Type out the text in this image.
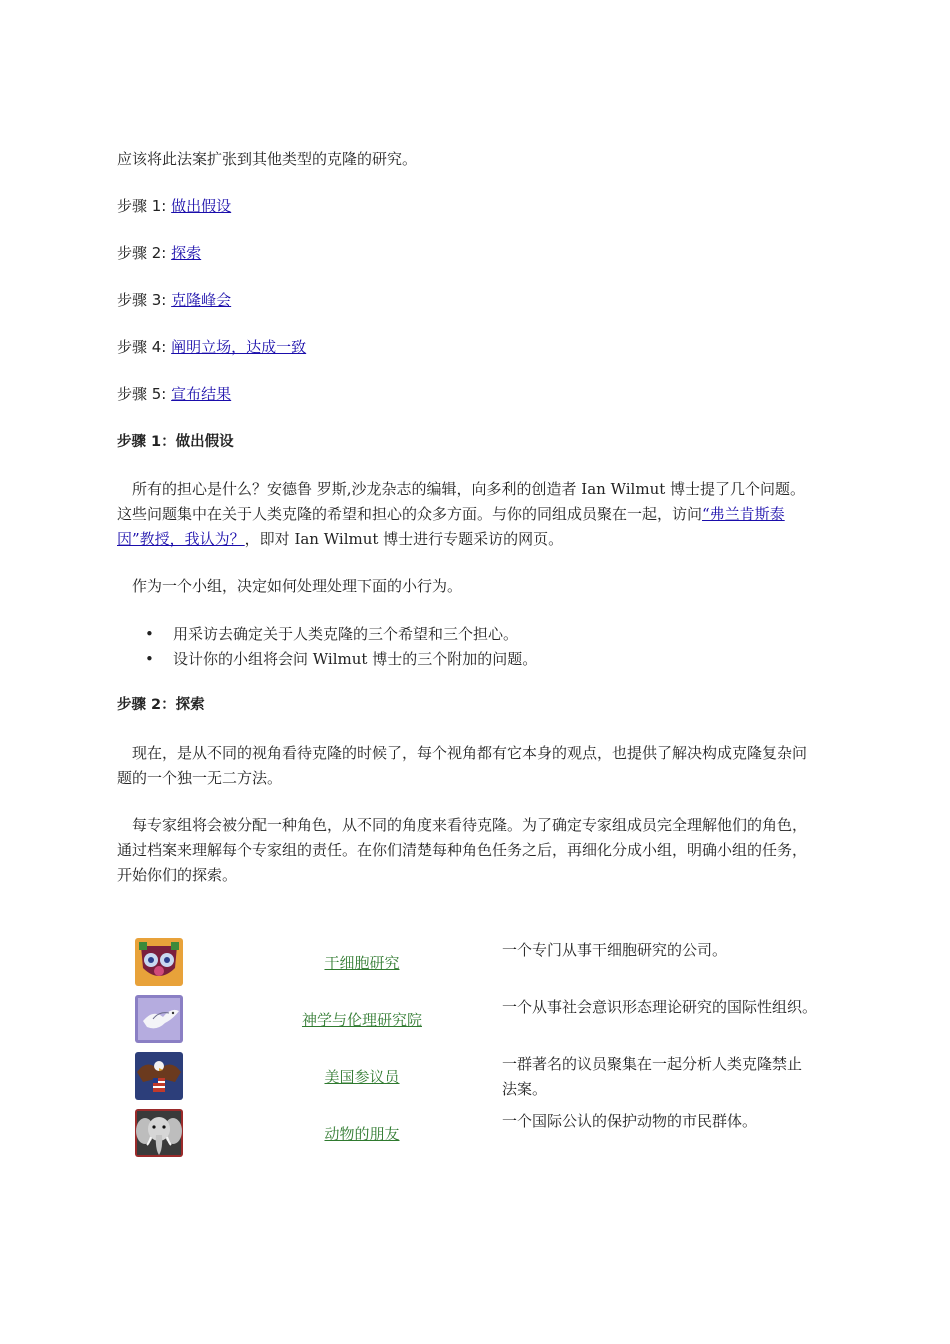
应该将此法案扩张到其他类型的克隆的研究。

步骤 1: 做出假设

步骤 2: 探索

步骤 3: 克隆峰会

步骤 4: 阐明立场，达成一致

步骤 5: 宣布结果

步骤 1：做出假设

所有的担心是什么？安德鲁 罗斯,沙龙杂志的编辑，向多利的创造者 Ian Wilmut 博士提了几个问题。

这些问题集中在关于人类克隆的希望和担心的众多方面。与你的同组成员聚在一起，访问“弗兰肯斯泰

因”教授，我认为？，即对 Ian Wilmut 博士进行专题采访的网页。

作为一个小组，决定如何处理处理下面的小行为。

• 用采访去确定关于人类克隆的三个希望和三个担心。
• 设计你的小组将会问 Wilmut 博士的三个附加的问题。

步骤 2：探索

现在，是从不同的视角看待克隆的时候了，每个视角都有它本身的观点，也提供了解决构成克隆复杂问

题的一个独一无二方法。

每专家组将会被分配一种角色，从不同的角度来看待克隆。为了确定专家组成员完全理解他们的角色，

通过档案来理解每个专家组的责任。在你们清楚每种角色任务之后，再细化分成小组，明确小组的任务，

开始你们的探索。

干细胞研究
一个专门从事干细胞研究的公司。
神学与伦理研究院
一个从事社会意识形态理论研究的国际性组织。
美国参议员
一群著名的议员聚集在一起分析人类克隆禁止
法案。
动物的朋友
一个国际公认的保护动物的市民群体。
